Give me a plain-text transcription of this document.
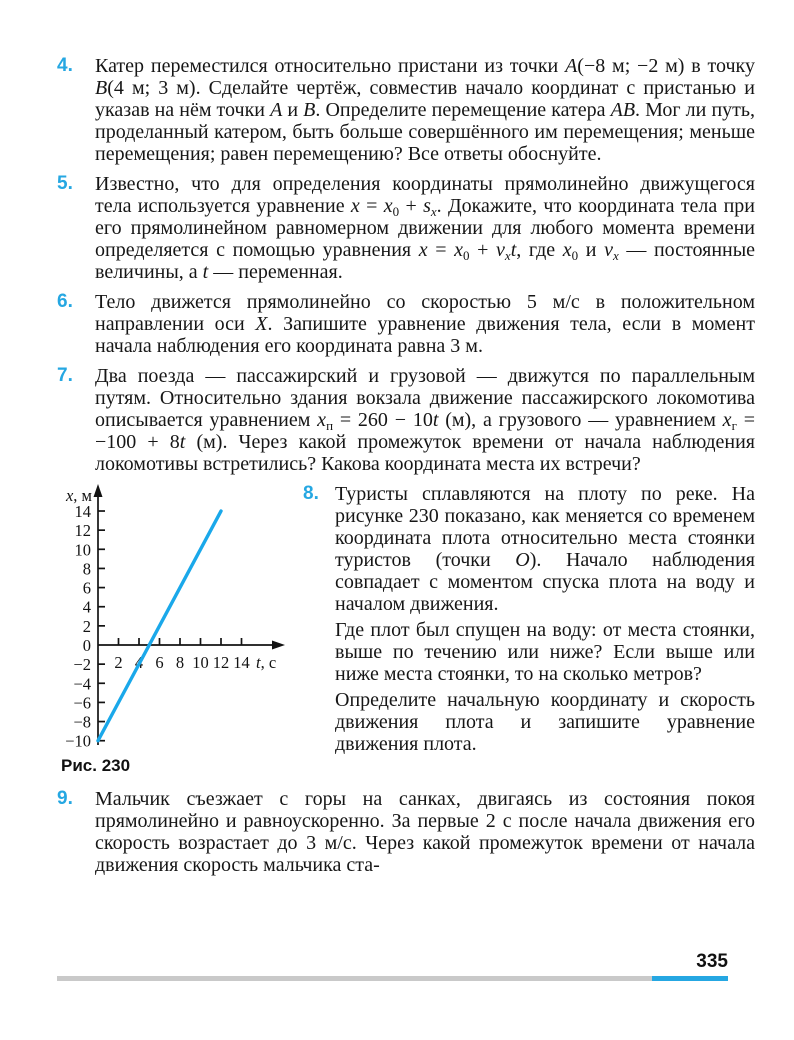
4.	Катер переместился относительно пристани из точки A(−8 м; −2 м) в точку B(4 м; 3 м). Сделайте чертёж, совместив начало координат с пристанью и указав на нём точки A и B. Определите перемещение катера AB. Мог ли путь, проделанный катером, быть больше совершённого им перемещения; меньше перемещения; равен перемещению? Все ответы обоснуйте.

5.	Известно, что для определения координаты прямолинейно движущегося тела используется уравнение $x = x_0 + s_x$. Докажите, что координата тела при его прямолинейном равномерном движении для любого момента времени определяется с помощью уравнения $x = x_0 + v_xt$, где $x_0$ и $v_x$ — постоянные величины, а t — переменная.

6.	Тело движется прямолинейно со скоростью 5 м/с в положительном направлении оси X. Запишите уравнение движения тела, если в момент начала наблюдения его координата равна 3 м.

7.	Два поезда — пассажирский и грузовой — движутся по параллельным путям. Относительно здания вокзала движение пассажирского локомотива описывается уравнением $x_п = 260 - 10t$ (м), а грузового — уравнением $x_г = -100 + 8t$ (м). Через какой промежуток времени от начала наблюдения локомотивы встретились? Какова координата места их встречи?

14
12
10
8
6
4
2
0
−2
−4
−6
−8
−10
2 4 6 8 10 12 14
x, м
t, с
Рис. 230
8. Туристы сплавляются на плоту по реке. На рисунке 230 показано, как меняется со временем координата плота относительно места стоянки туристов (точки O). Начало наблюдения совпадает с моментом спуска плота на воду и началом движения.

Где плот был спущен на воду: от места стоянки, выше по течению или ниже? Если выше или ниже места стоянки, то на сколько метров?

Определите начальную координату и скорость движения плота и запишите уравнение движения плота.

9.	Мальчик съезжает с горы на санках, двигаясь из состояния покоя прямолинейно и равноускоренно. За первые 2 с после начала движения его скорость возрастает до 3 м/с. Через какой промежуток времени от начала движения скорость мальчика ста-

335
